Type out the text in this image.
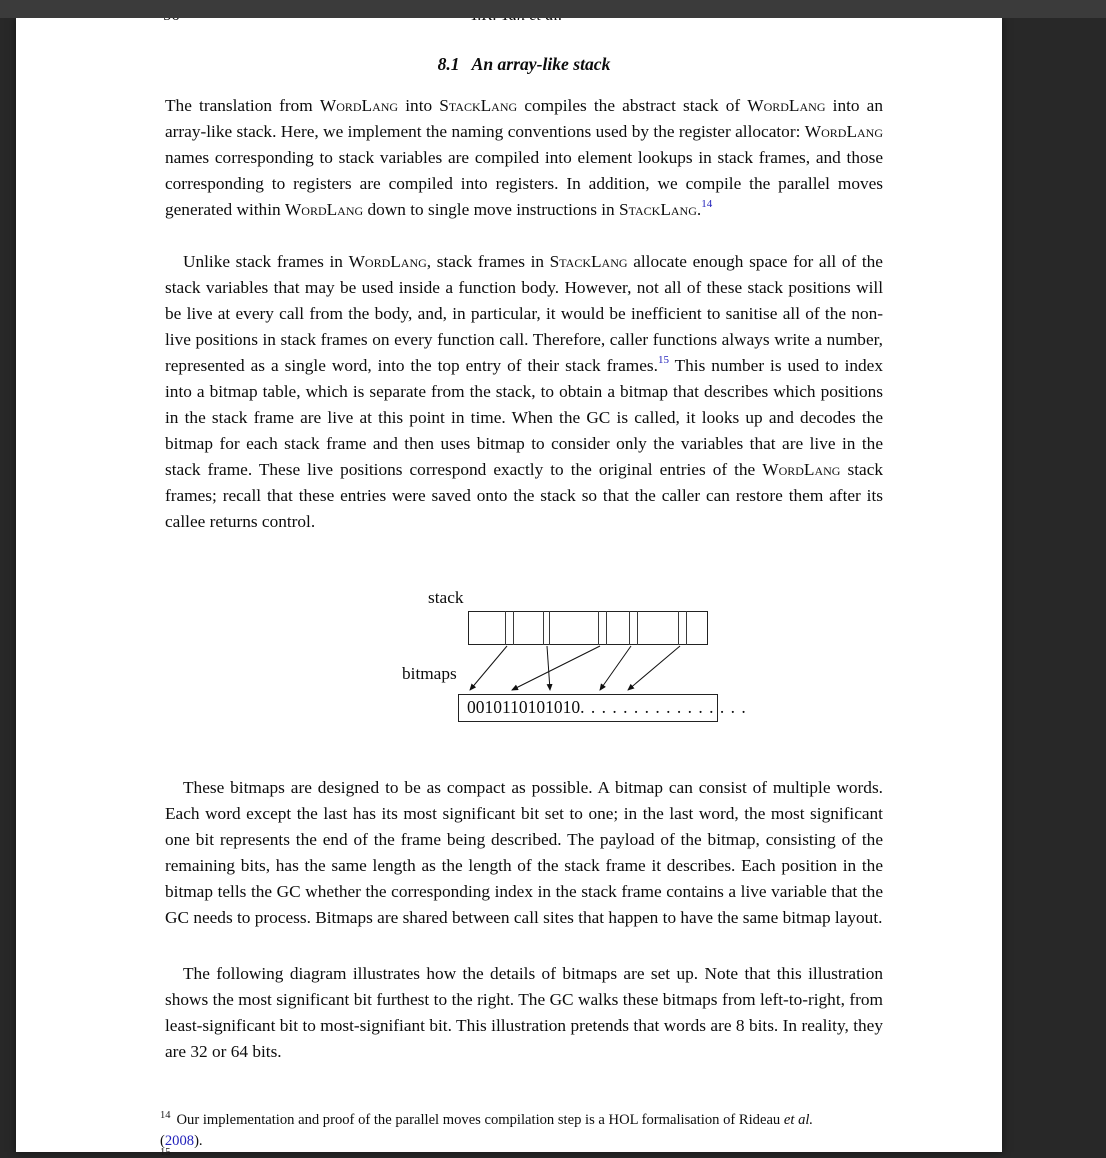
8.1 An array-like stack
The translation from WordLang into StackLang compiles the abstract stack of WordLang into an array-like stack. Here, we implement the naming conventions used by the register allocator: WordLang names corresponding to stack variables are compiled into element lookups in stack frames, and those corresponding to registers are compiled into registers. In addition, we compile the parallel moves generated within WordLang down to single move instructions in StackLang.$^{14}$
Unlike stack frames in WordLang, stack frames in StackLang allocate enough space for all of the stack variables that may be used inside a function body. However, not all of these stack positions will be live at every call from the body, and, in particular, it would be inefficient to sanitise all of the non-live positions in stack frames on every function call. Therefore, caller functions always write a number, represented as a single word, into the top entry of their stack frames.$^{15}$ This number is used to index into a bitmap table, which is separate from the stack, to obtain a bitmap that describes which positions in the stack frame are live at this point in time. When the GC is called, it looks up and decodes the bitmap for each stack frame and then uses bitmap to consider only the variables that are live in the stack frame. These live positions correspond exactly to the original entries of the WordLang stack frames; recall that these entries were saved onto the stack so that the caller can restore them after its callee returns control.
stack
bitmaps
0010110101010. . . . . . . . . . . . . . . .
These bitmaps are designed to be as compact as possible. A bitmap can consist of multiple words. Each word except the last has its most significant bit set to one; in the last word, the most significant one bit represents the end of the frame being described. The payload of the bitmap, consisting of the remaining bits, has the same length as the length of the stack frame it describes. Each position in the bitmap tells the GC whether the corresponding index in the stack frame contains a live variable that the GC needs to process. Bitmaps are shared between call sites that happen to have the same bitmap layout.
The following diagram illustrates how the details of bitmaps are set up. Note that this illustration shows the most significant bit furthest to the right. The GC walks these bitmaps from left-to-right, from least-significant bit to most-signifiant bit. This illustration pretends that words are 8 bits. In reality, they are 32 or 64 bits.
$^{14}$ Our implementation and proof of the parallel moves compilation step is a HOL formalisation of Rideau et al.
(2008).
15
